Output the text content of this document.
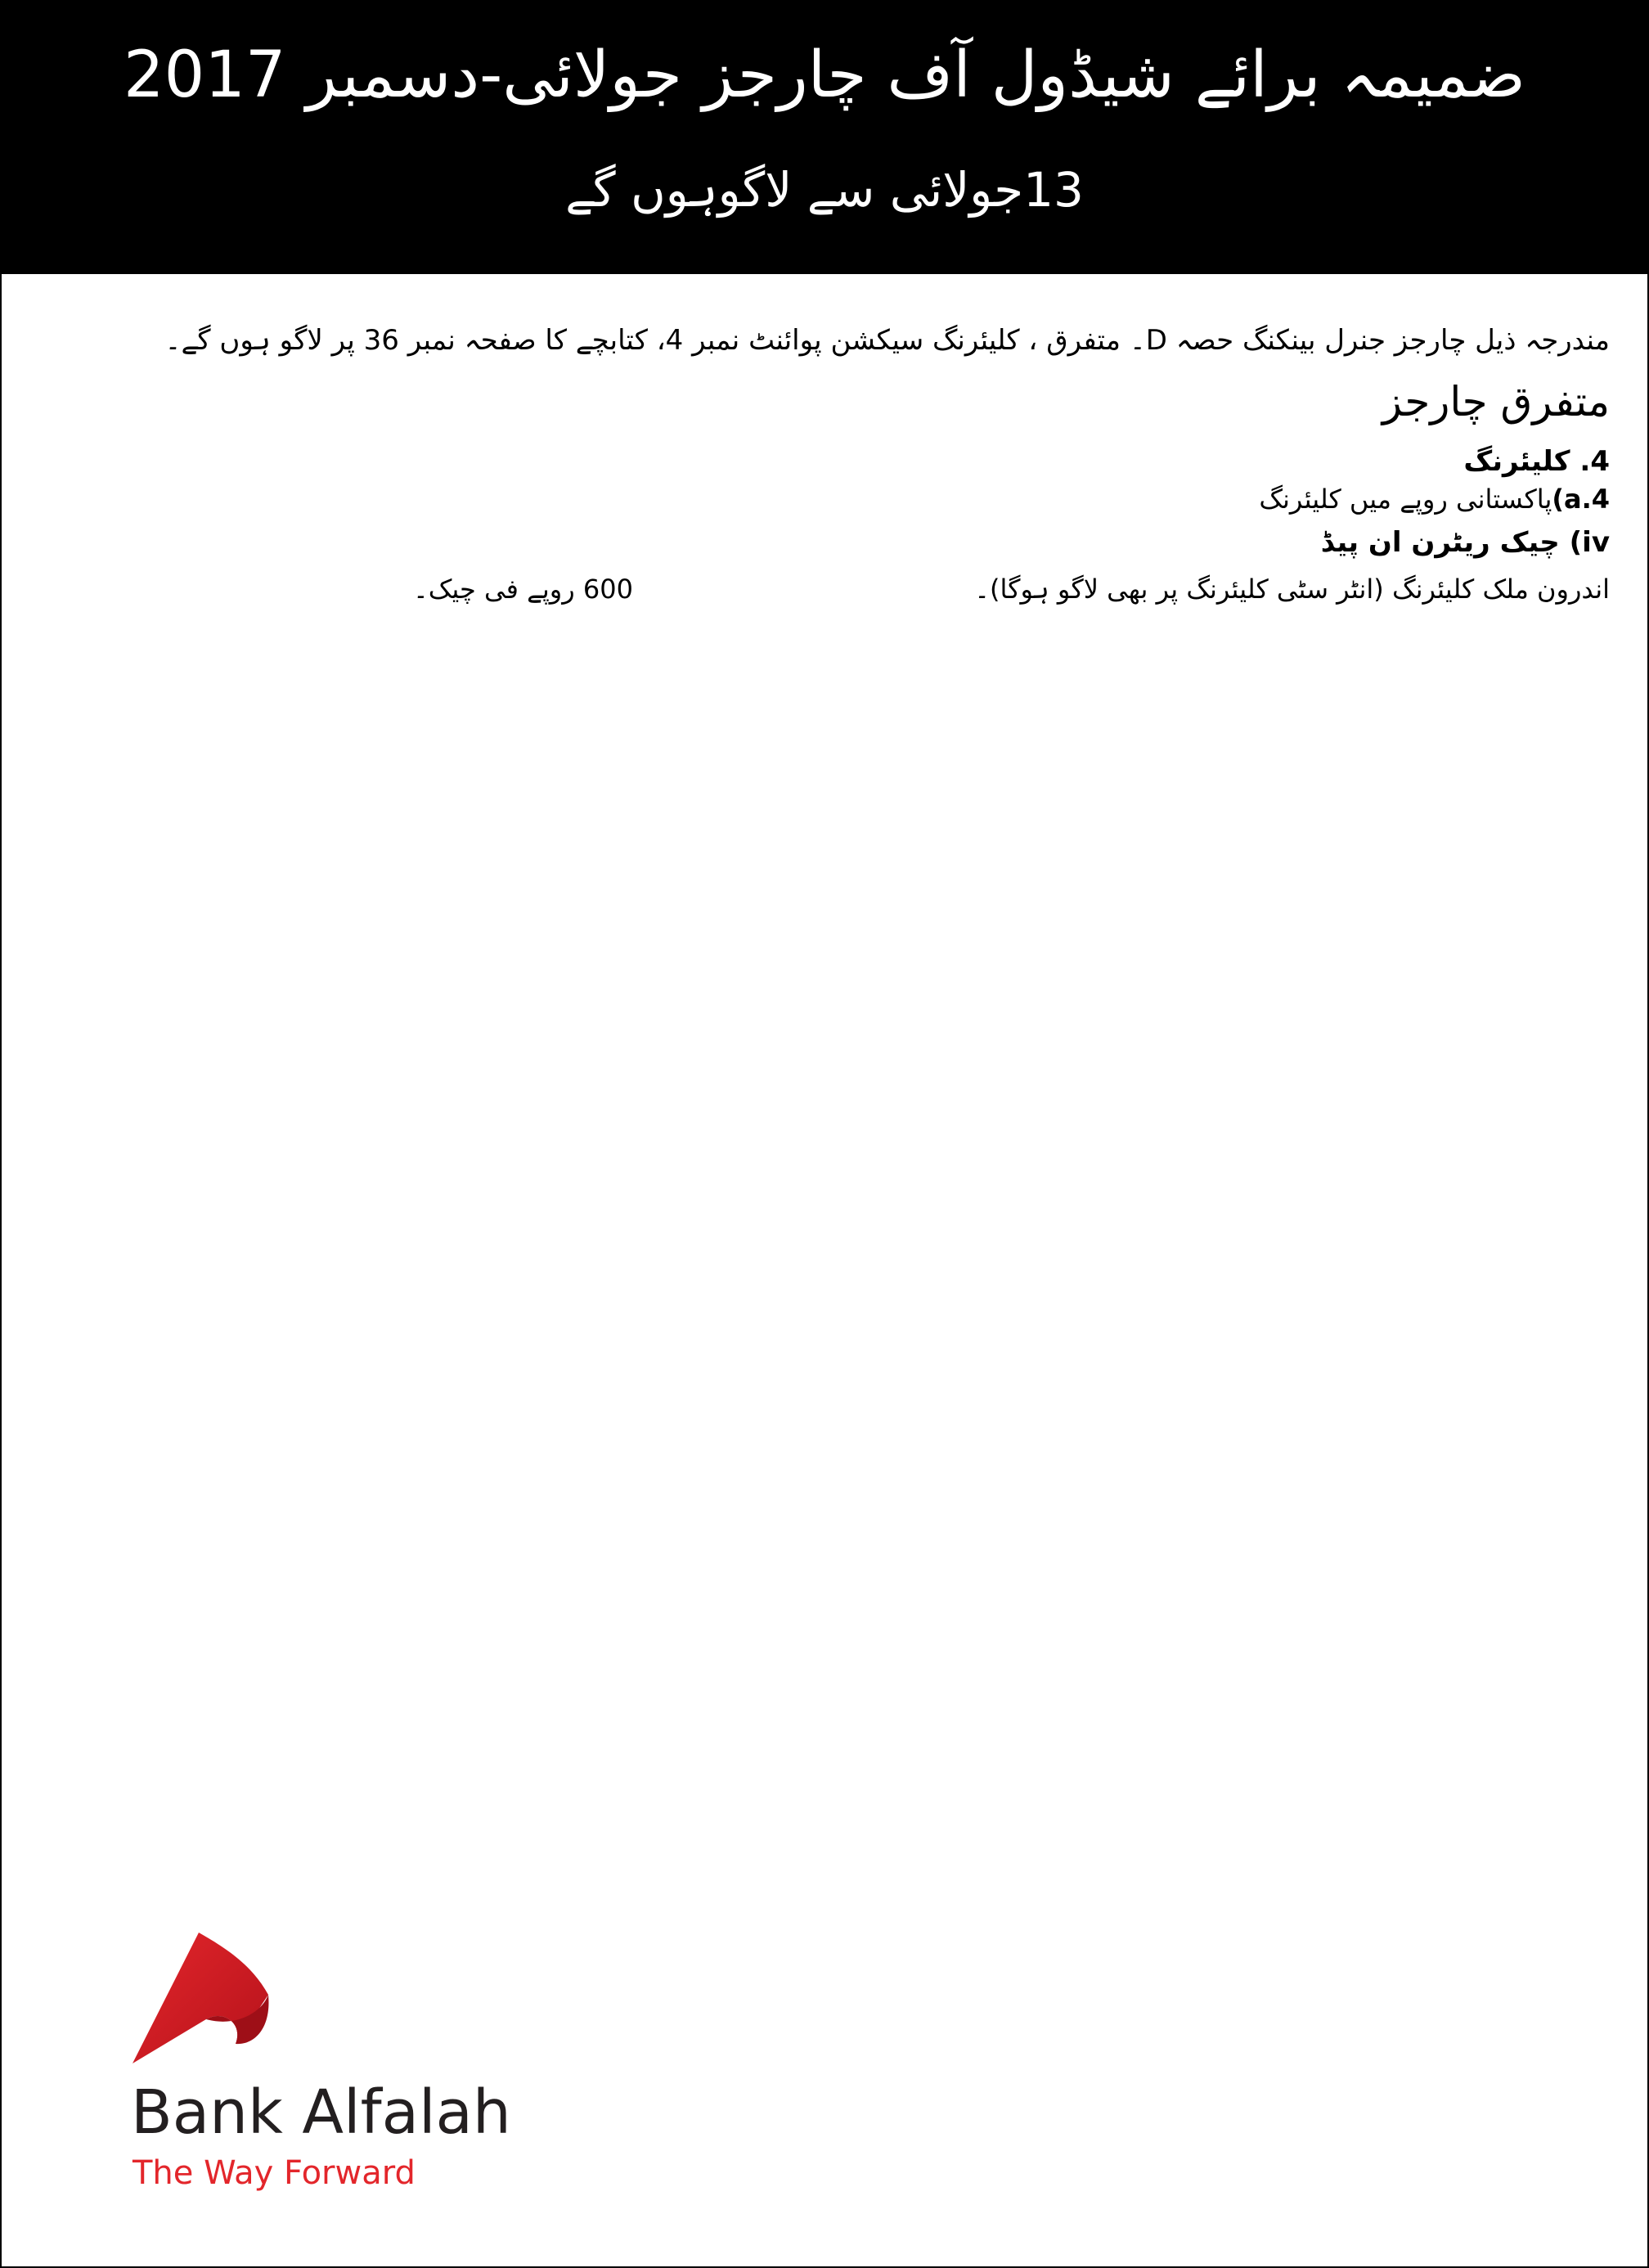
ضمیمہ برائے شیڈول آف چارجز جولائی-دسمبر 2017
13جولائی سے لاگوہوں گے
مندرجہ ذیل چارجز جنرل بینکنگ حصہ D۔ متفرق ، کلیئرنگ سیکشن پوائنٹ نمبر 4، کتابچے کا صفحہ نمبر 36 پر لاگو ہوں گے۔
متفرق چارجز
4. کلیئرنگ
4.a)پاکستانی روپے میں کلیئرنگ
iv) چیک ریٹرن ان پیڈ
اندرون ملک کلیئرنگ (انٹر سٹی کلیئرنگ پر بھی لاگو ہوگا)۔
600 روپے فی چیک۔
Bank Alfalah
The Way Forward
